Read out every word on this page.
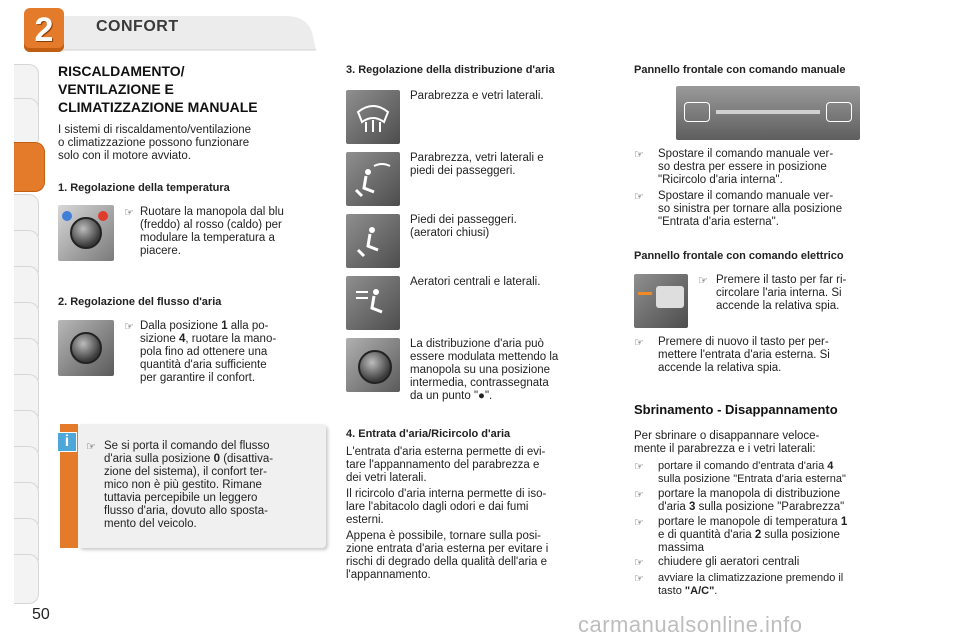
2	CONFORT
RISCALDAMENTO/
VENTILAZIONE E
CLIMATIZZAZIONE MANUALE
I sistemi di riscaldamento/ventilazione
o climatizzazione possono funzionare
solo con il motore avviato.
1. Regolazione della temperatura
☞ Ruotare la manopola dal blu
(freddo) al rosso (caldo) per
modulare la temperatura a
piacere.
2. Regolazione del flusso d'aria
☞ Dalla posizione 1 alla po-
sizione 4, ruotare la mano-
pola fino ad ottenere una
quantità d'aria sufficiente
per garantire il confort.
i	☞ Se si porta il comando del flusso
d'aria sulla posizione 0 (disattiva-
zione del sistema), il confort ter-
mico non è più gestito. Rimane
tuttavia percepibile un leggero
flusso d'aria, dovuto allo sposta-
mento del veicolo.
50
3. Regolazione della distribuzione d'aria
Parabrezza e vetri laterali.
Parabrezza, vetri laterali e
piedi dei passeggeri.
Piedi dei passeggeri.
(aeratori chiusi)
Aeratori centrali e laterali.
La distribuzione d'aria può
essere modulata mettendo la
manopola su una posizione
intermedia, contrassegnata
da un punto "●".
4. Entrata d'aria/Ricircolo d'aria
L'entrata d'aria esterna permette di evi-
tare l'appannamento del parabrezza e
dei vetri laterali.
Il ricircolo d'aria interna permette di iso-
lare l'abitacolo dagli odori e dai fumi
esterni.
Appena è possibile, tornare sulla posi-
zione entrata d'aria esterna per evitare i
rischi di degrado della qualità dell'aria e
l'appannamento.
Pannello frontale con comando manuale
☞ Spostare il comando manuale ver-
so destra per essere in posizione
"Ricircolo d'aria interna".
☞ Spostare il comando manuale ver-
so sinistra per tornare alla posizione
"Entrata d'aria esterna".
Pannello frontale con comando elettrico
☞ Premere il tasto per far ri-
circolare l'aria interna. Si
accende la relativa spia.
☞ Premere di nuovo il tasto per per-
mettere l'entrata d'aria esterna. Si
accende la relativa spia.
Sbrinamento - Disappannamento
Per sbrinare o disappannare veloce-
mente il parabrezza e i vetri laterali:
☞ portare il comando d'entrata d'aria 4
sulla posizione "Entrata d'aria esterna"
☞ portare la manopola di distribuzione
d'aria 3 sulla posizione "Parabrezza"
☞ portare le manopole di temperatura 1
e di quantità d'aria 2 sulla posizione
massima
☞ chiudere gli aeratori centrali
☞ avviare la climatizzazione premendo il
tasto "A/C".
carmanualsonline.info
